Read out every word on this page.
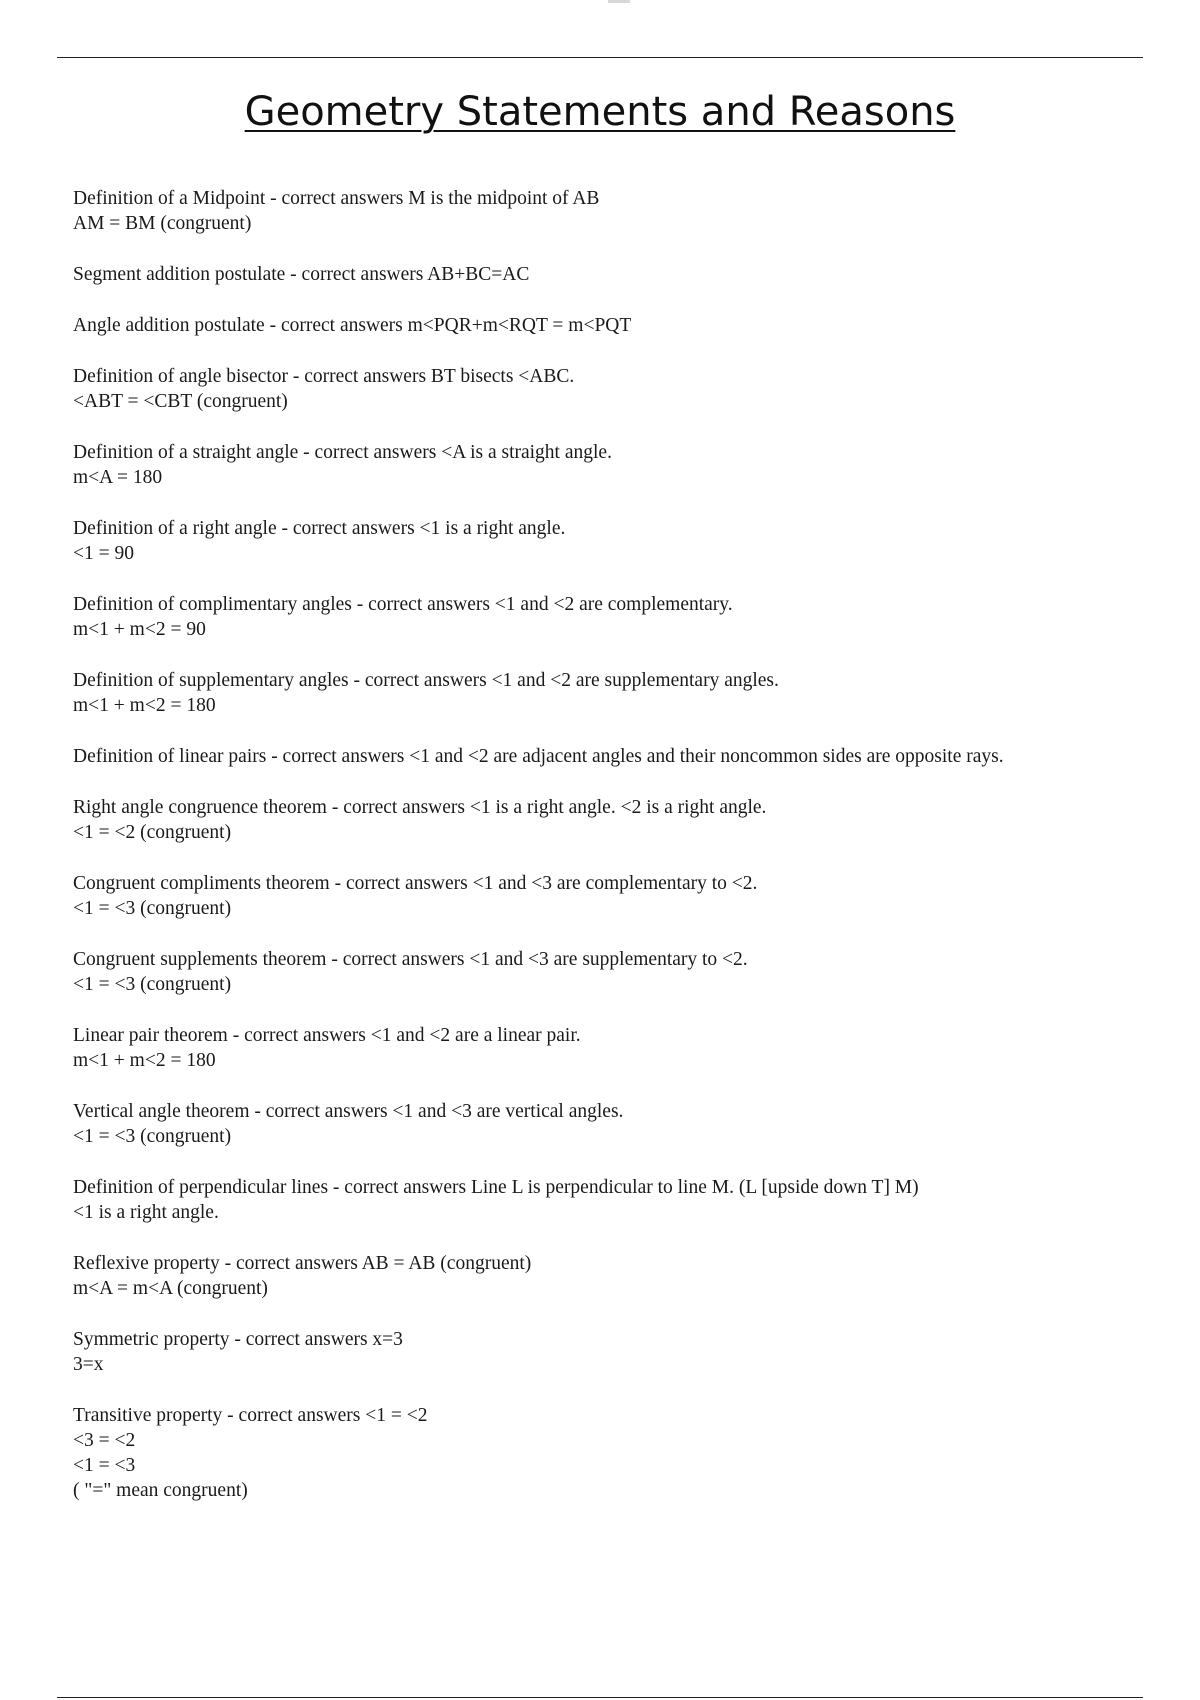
Geometry Statements and Reasons
Definition of a Midpoint - correct answers M is the midpoint of AB
AM = BM (congruent)
Segment addition postulate - correct answers AB+BC=AC
Angle addition postulate - correct answers m<PQR+m<RQT = m<PQT
Definition of angle bisector - correct answers BT bisects <ABC.
<ABT = <CBT (congruent)
Definition of a straight angle - correct answers <A is a straight angle.
m<A = 180
Definition of a right angle - correct answers <1 is a right angle.
<1 = 90
Definition of complimentary angles - correct answers <1 and <2 are complementary.
m<1 + m<2 = 90
Definition of supplementary angles - correct answers <1 and <2 are supplementary angles.
m<1 + m<2 = 180
Definition of linear pairs - correct answers <1 and <2 are adjacent angles and their noncommon sides are opposite rays.
Right angle congruence theorem - correct answers <1 is a right angle. <2 is a right angle.
<1 = <2 (congruent)
Congruent compliments theorem - correct answers <1 and <3 are complementary to <2.
<1 = <3 (congruent)
Congruent supplements theorem - correct answers <1 and <3 are supplementary to <2.
<1 = <3 (congruent)
Linear pair theorem - correct answers <1 and <2 are a linear pair.
m<1 + m<2 = 180
Vertical angle theorem - correct answers <1 and <3 are vertical angles.
<1 = <3 (congruent)
Definition of perpendicular lines - correct answers Line L is perpendicular to line M. (L [upside down T] M)
<1 is a right angle.
Reflexive property - correct answers AB = AB (congruent)
m<A = m<A (congruent)
Symmetric property - correct answers x=3
3=x
Transitive property - correct answers <1 = <2
<3 = <2
<1 = <3
( "=" mean congruent)
